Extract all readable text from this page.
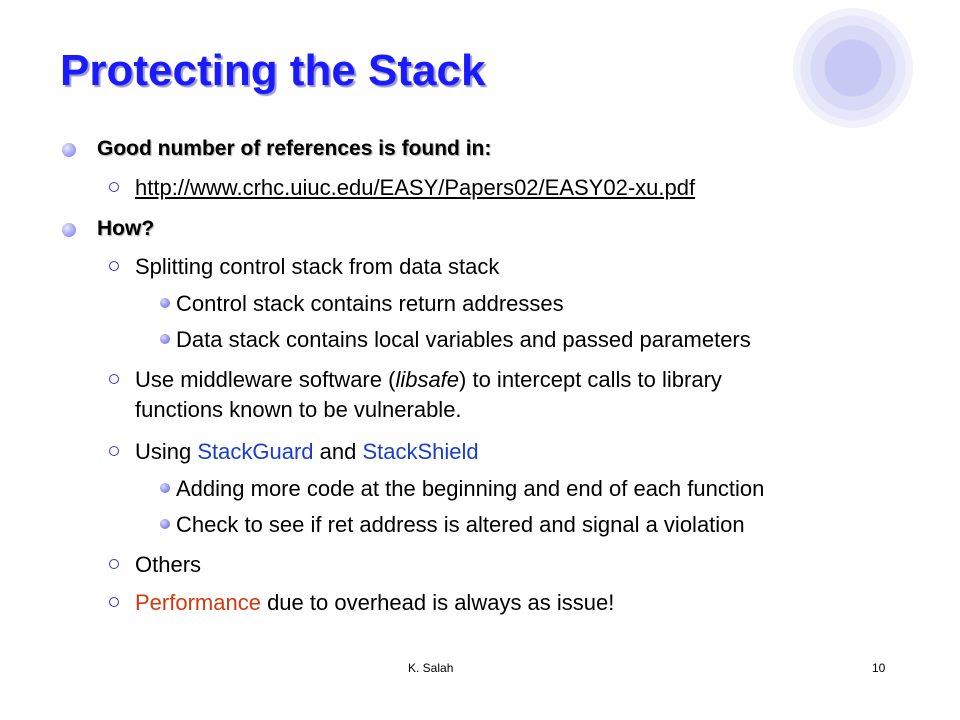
Protecting the Stack
Good number of references is found in:
http://www.crhc.uiuc.edu/EASY/Papers02/EASY02-xu.pdf
How?
Splitting control stack from data stack
Control stack contains return addresses
Data stack contains local variables and passed parameters
Use middleware software (libsafe) to intercept calls to library
functions known to be vulnerable.
Using StackGuard and StackShield
Adding more code at the beginning and end of each function
Check to see if ret address is altered and signal a violation
Others
Performance due to overhead is always as issue!
K. Salah	10
